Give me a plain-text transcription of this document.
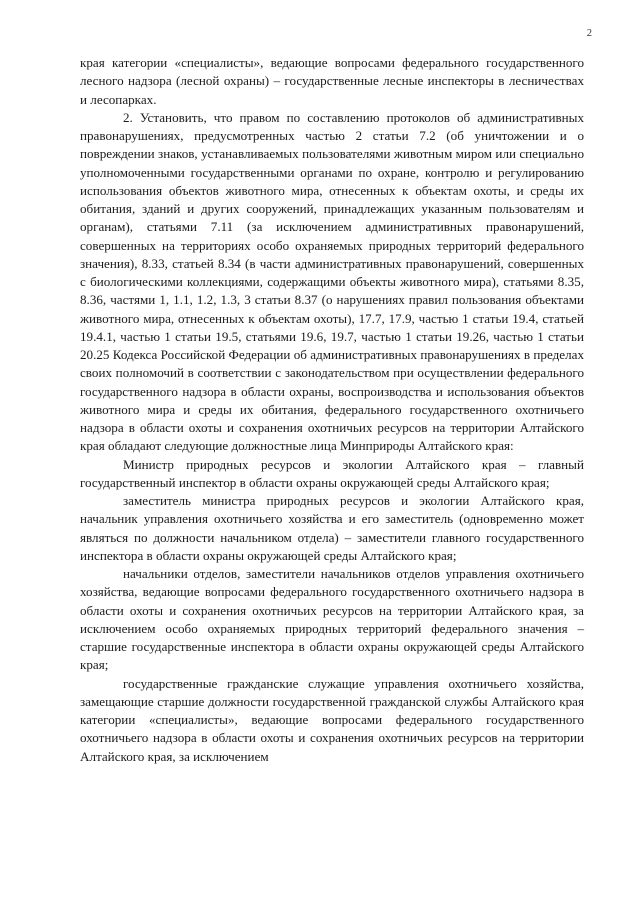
2

края категории «специалисты», ведающие вопросами федерального государственного лесного надзора (лесной охраны) – государственные лесные инспекторы в лесничествах и лесопарках.

2. Установить, что правом по составлению протоколов об административных правонарушениях, предусмотренных частью 2 статьи 7.2 (об уничтожении и о повреждении знаков, устанавливаемых пользователями животным миром или специально уполномоченными государственными органами по охране, контролю и регулированию использования объектов животного мира, отнесенных к объектам охоты, и среды их обитания, зданий и других сооружений, принадлежащих указанным пользователям и органам), статьями 7.11 (за исключением административных правонарушений, совершенных на территориях особо охраняемых природных территорий федерального значения), 8.33, статьей 8.34 (в части административных правонарушений, совершенных с биологическими коллекциями, содержащими объекты животного мира), статьями 8.35, 8.36, частями 1, 1.1, 1.2, 1.3, 3 статьи 8.37 (о нарушениях правил пользования объектами животного мира, отнесенных к объектам охоты), 17.7, 17.9, частью 1 статьи 19.4, статьей 19.4.1, частью 1 статьи 19.5, статьями 19.6, 19.7, частью 1 статьи 19.26, частью 1 статьи 20.25 Кодекса Российской Федерации об административных правонарушениях в пределах своих полномочий в соответствии с законодательством при осуществлении федерального государственного надзора в области охраны, воспроизводства и использования объектов животного мира и среды их обитания, федерального государственного охотничьего надзора в области охоты и сохранения охотничьих ресурсов на территории Алтайского края обладают следующие должностные лица Минприроды Алтайского края:

Министр природных ресурсов и экологии Алтайского края – главный государственный инспектор в области охраны окружающей среды Алтайского края;

заместитель министра природных ресурсов и экологии Алтайского края, начальник управления охотничьего хозяйства и его заместитель (одновременно может являться по должности начальником отдела) – заместители главного государственного инспектора в области охраны окружающей среды Алтайского края;

начальники отделов, заместители начальников отделов управления охотничьего хозяйства, ведающие вопросами федерального государственного охотничьего надзора в области охоты и сохранения охотничьих ресурсов на территории Алтайского края, за исключением особо охраняемых природных территорий федерального значения – старшие государственные инспектора в области охраны окружающей среды Алтайского края;

государственные гражданские служащие управления охотничьего хозяйства, замещающие старшие должности государственной гражданской службы Алтайского края категории «специалисты», ведающие вопросами федерального государственного охотничьего надзора в области охоты и сохранения охотничьих ресурсов на территории Алтайского края, за исключением
